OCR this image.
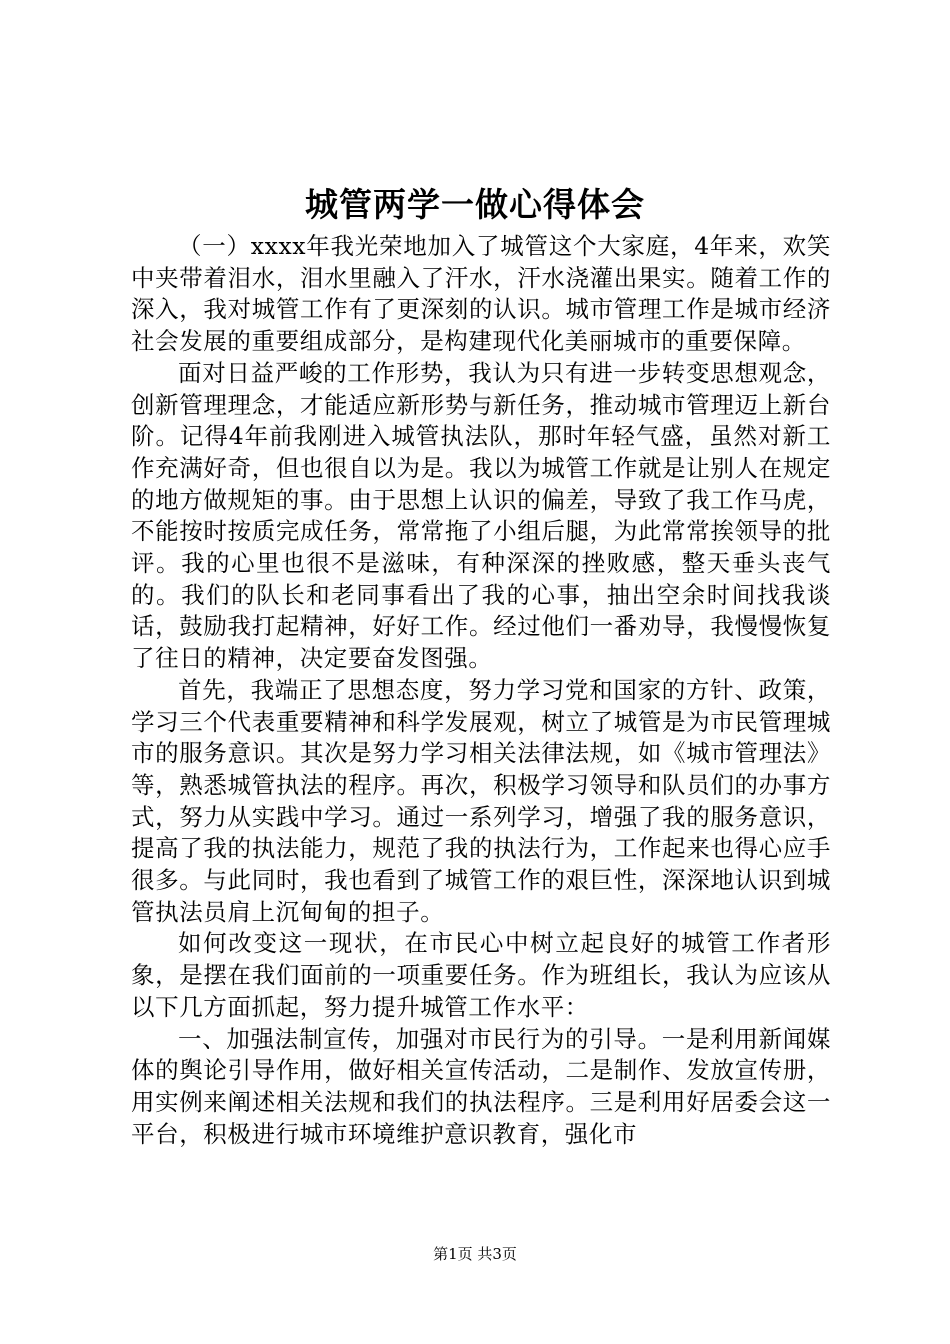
城管两学一做心得体会

（一）xxxx年我光荣地加入了城管这个大家庭，4年来，欢笑中夹带着泪水，泪水里融入了汗水，汗水浇灌出果实。随着工作的深入，我对城管工作有了更深刻的认识。城市管理工作是城市经济社会发展的重要组成部分，是构建现代化美丽城市的重要保障。

面对日益严峻的工作形势，我认为只有进一步转变思想观念，创新管理理念，才能适应新形势与新任务，推动城市管理迈上新台阶。记得4年前我刚进入城管执法队，那时年轻气盛，虽然对新工作充满好奇，但也很自以为是。我以为城管工作就是让别人在规定的地方做规矩的事。由于思想上认识的偏差，导致了我工作马虎，不能按时按质完成任务，常常拖了小组后腿，为此常常挨领导的批评。我的心里也很不是滋味，有种深深的挫败感，整天垂头丧气的。我们的队长和老同事看出了我的心事，抽出空余时间找我谈话，鼓励我打起精神，好好工作。经过他们一番劝导，我慢慢恢复了往日的精神，决定要奋发图强。

首先，我端正了思想态度，努力学习党和国家的方针、政策，学习三个代表重要精神和科学发展观，树立了城管是为市民管理城市的服务意识。其次是努力学习相关法律法规，如《城市管理法》等，熟悉城管执法的程序。再次，积极学习领导和队员们的办事方式，努力从实践中学习。通过一系列学习，增强了我的服务意识，提高了我的执法能力，规范了我的执法行为，工作起来也得心应手很多。与此同时，我也看到了城管工作的艰巨性，深深地认识到城管执法员肩上沉甸甸的担子。

如何改变这一现状，在市民心中树立起良好的城管工作者形象，是摆在我们面前的一项重要任务。作为班组长，我认为应该从以下几方面抓起，努力提升城管工作水平：

一、加强法制宣传，加强对市民行为的引导。一是利用新闻媒体的舆论引导作用，做好相关宣传活动，二是制作、发放宣传册，用实例来阐述相关法规和我们的执法程序。三是利用好居委会这一平台，积极进行城市环境维护意识教育，强化市

第1页 共3页
